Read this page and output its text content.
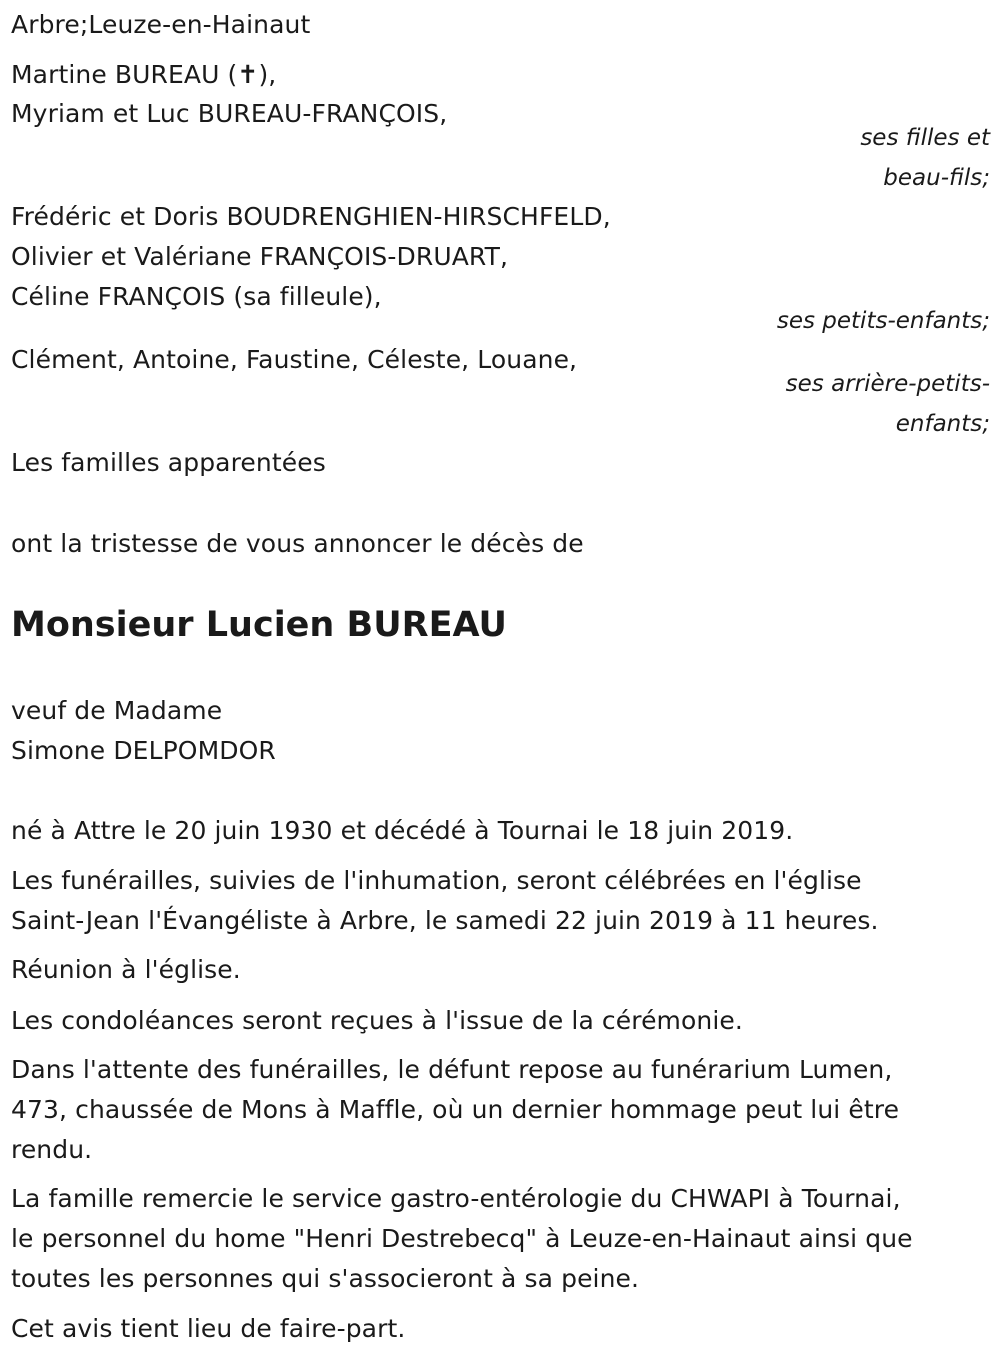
Arbre;Leuze-en-Hainaut
Martine BUREAU (✝),
Myriam et Luc BUREAU-FRANÇOIS,
ses filles et
beau-fils;
Frédéric et Doris BOUDRENGHIEN-HIRSCHFELD,
Olivier et Valériane FRANÇOIS-DRUART,
Céline FRANÇOIS (sa filleule),
ses petits-enfants;
Clément, Antoine, Faustine, Céleste, Louane,
ses arrière-petits-
enfants;
Les familles apparentées
ont la tristesse de vous annoncer le décès de
Monsieur Lucien BUREAU
veuf de Madame
Simone DELPOMDOR
né à Attre le 20 juin 1930 et décédé à Tournai le 18 juin 2019.
Les funérailles, suivies de l'inhumation, seront célébrées en l'église
Saint-Jean l'Évangéliste à Arbre, le samedi 22 juin 2019 à 11 heures.
Réunion à l'église.
Les condoléances seront reçues à l'issue de la cérémonie.
Dans l'attente des funérailles, le défunt repose au funérarium Lumen,
473, chaussée de Mons à Maffle, où un dernier hommage peut lui être
rendu.
La famille remercie le service gastro-entérologie du CHWAPI à Tournai,
le personnel du home "Henri Destrebecq" à Leuze-en-Hainaut ainsi que
toutes les personnes qui s'associeront à sa peine.
Cet avis tient lieu de faire-part.
